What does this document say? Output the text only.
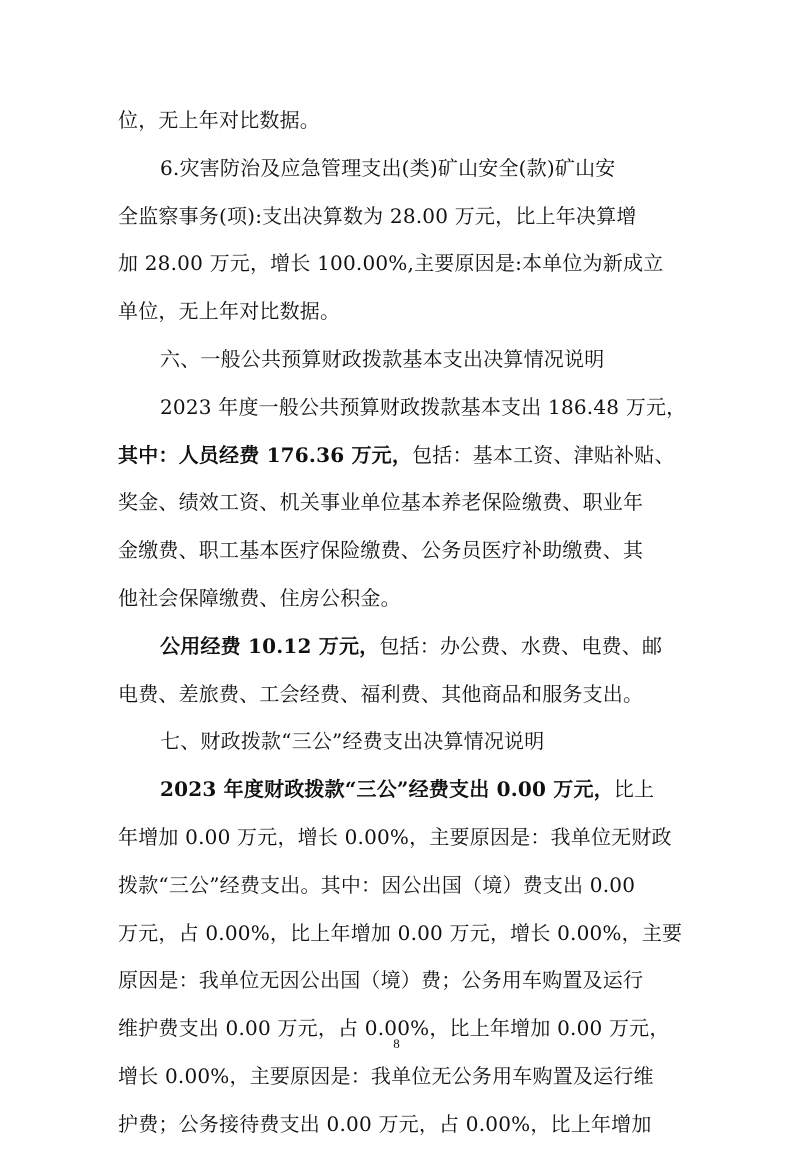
位，无上年对比数据。
6.灾害防治及应急管理支出(类)矿山安全(款)矿山安
全监察事务(项):支出决算数为 28.00 万元，比上年决算增
加 28.00 万元，增长 100.00%,主要原因是:本单位为新成立
单位，无上年对比数据。
六、一般公共预算财政拨款基本支出决算情况说明
2023 年度一般公共预算财政拨款基本支出 186.48 万元，
其中：人员经费 176.36 万元，包括：基本工资、津贴补贴、
奖金、绩效工资、机关事业单位基本养老保险缴费、职业年
金缴费、职工基本医疗保险缴费、公务员医疗补助缴费、其
他社会保障缴费、住房公积金。
公用经费 10.12 万元，包括：办公费、水费、电费、邮
电费、差旅费、工会经费、福利费、其他商品和服务支出。
七、财政拨款“三公”经费支出决算情况说明
2023 年度财政拨款“三公”经费支出 0.00 万元，比上
年增加 0.00 万元，增长 0.00%，主要原因是：我单位无财政
拨款“三公”经费支出。其中：因公出国（境）费支出 0.00
万元，占 0.00%，比上年增加 0.00 万元，增长 0.00%，主要
原因是：我单位无因公出国（境）费；公务用车购置及运行
维护费支出 0.00 万元，占 0.00%，比上年增加 0.00 万元，
增长 0.00%，主要原因是：我单位无公务用车购置及运行维
护费；公务接待费支出 0.00 万元，占 0.00%，比上年增加
8
